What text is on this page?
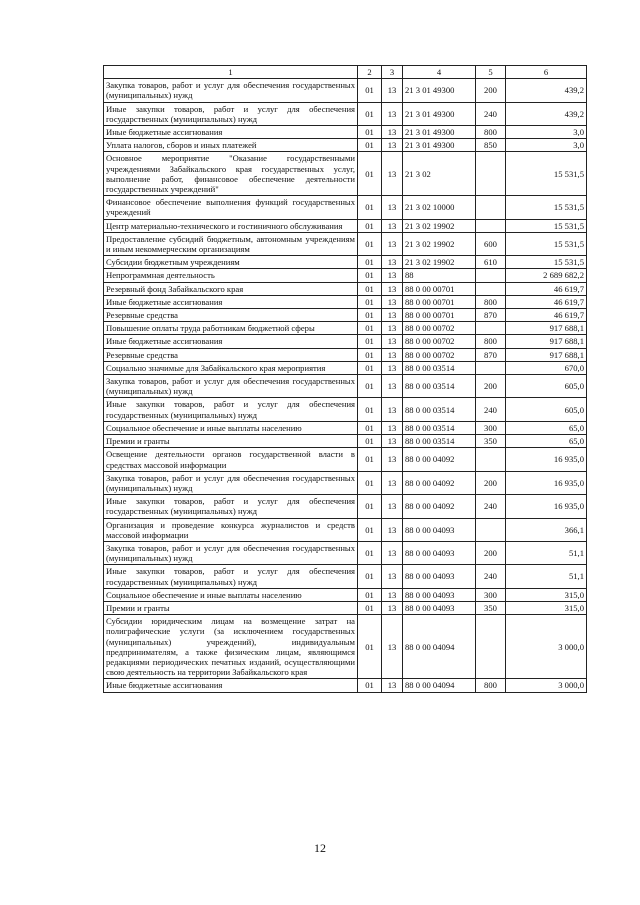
1	2	3	4	5	6
Закупка товаров, работ и услуг для обеспечения государственных (муниципальных) нужд	01	13	21 3 01 49300	200	439,2
Иные закупки товаров, работ и услуг для обеспечения государственных (муниципальных) нужд	01	13	21 3 01 49300	240	439,2
Иные бюджетные ассигнования	01	13	21 3 01 49300	800	3,0
Уплата налогов, сборов и иных платежей	01	13	21 3 01 49300	850	3,0
Основное мероприятие "Оказание государственными учреждениями Забайкальского края государственных услуг, выполнение работ, финансовое обеспечение деятельности государственных учреждений"	01	13	21 3 02		15 531,5
Финансовое обеспечение выполнения функций государственных учреждений	01	13	21 3 02 10000		15 531,5
Центр материально-технического и гостиничного обслуживания	01	13	21 3 02 19902		15 531,5
Предоставление субсидий бюджетным, автономным учреждениям и иным некоммерческим организациям	01	13	21 3 02 19902	600	15 531,5
Субсидии бюджетным учреждениям	01	13	21 3 02 19902	610	15 531,5
Непрограммная деятельность	01	13	88		2 689 682,2
Резервный фонд Забайкальского края	01	13	88 0 00 00701		46 619,7
Иные бюджетные ассигнования	01	13	88 0 00 00701	800	46 619,7
Резервные средства	01	13	88 0 00 00701	870	46 619,7
Повышение оплаты труда работникам бюджетной сферы	01	13	88 0 00 00702		917 688,1
Иные бюджетные ассигнования	01	13	88 0 00 00702	800	917 688,1
Резервные средства	01	13	88 0 00 00702	870	917 688,1
Социально значимые для Забайкальского края мероприятия	01	13	88 0 00 03514		670,0
Закупка товаров, работ и услуг для обеспечения государственных (муниципальных) нужд	01	13	88 0 00 03514	200	605,0
Иные закупки товаров, работ и услуг для обеспечения государственных (муниципальных) нужд	01	13	88 0 00 03514	240	605,0
Социальное обеспечение и иные выплаты населению	01	13	88 0 00 03514	300	65,0
Премии и гранты	01	13	88 0 00 03514	350	65,0
Освещение деятельности органов государственной власти в средствах массовой информации	01	13	88 0 00 04092		16 935,0
Закупка товаров, работ и услуг для обеспечения государственных (муниципальных) нужд	01	13	88 0 00 04092	200	16 935,0
Иные закупки товаров, работ и услуг для обеспечения государственных (муниципальных) нужд	01	13	88 0 00 04092	240	16 935,0
Организация и проведение конкурса журналистов и средств массовой информации	01	13	88 0 00 04093		366,1
Закупка товаров, работ и услуг для обеспечения государственных (муниципальных) нужд	01	13	88 0 00 04093	200	51,1
Иные закупки товаров, работ и услуг для обеспечения государственных (муниципальных) нужд	01	13	88 0 00 04093	240	51,1
Социальное обеспечение и иные выплаты населению	01	13	88 0 00 04093	300	315,0
Премии и гранты	01	13	88 0 00 04093	350	315,0
Субсидии юридическим лицам на возмещение затрат на полиграфические услуги (за исключением государственных (муниципальных) учреждений), индивидуальным предпринимателям, а также физическим лицам, являющимся редакциями периодических печатных изданий, осуществляющими свою деятельность на территории Забайкальского края	01	13	88 0 00 04094		3 000,0
Иные бюджетные ассигнования	01	13	88 0 00 04094	800	3 000,0
12
